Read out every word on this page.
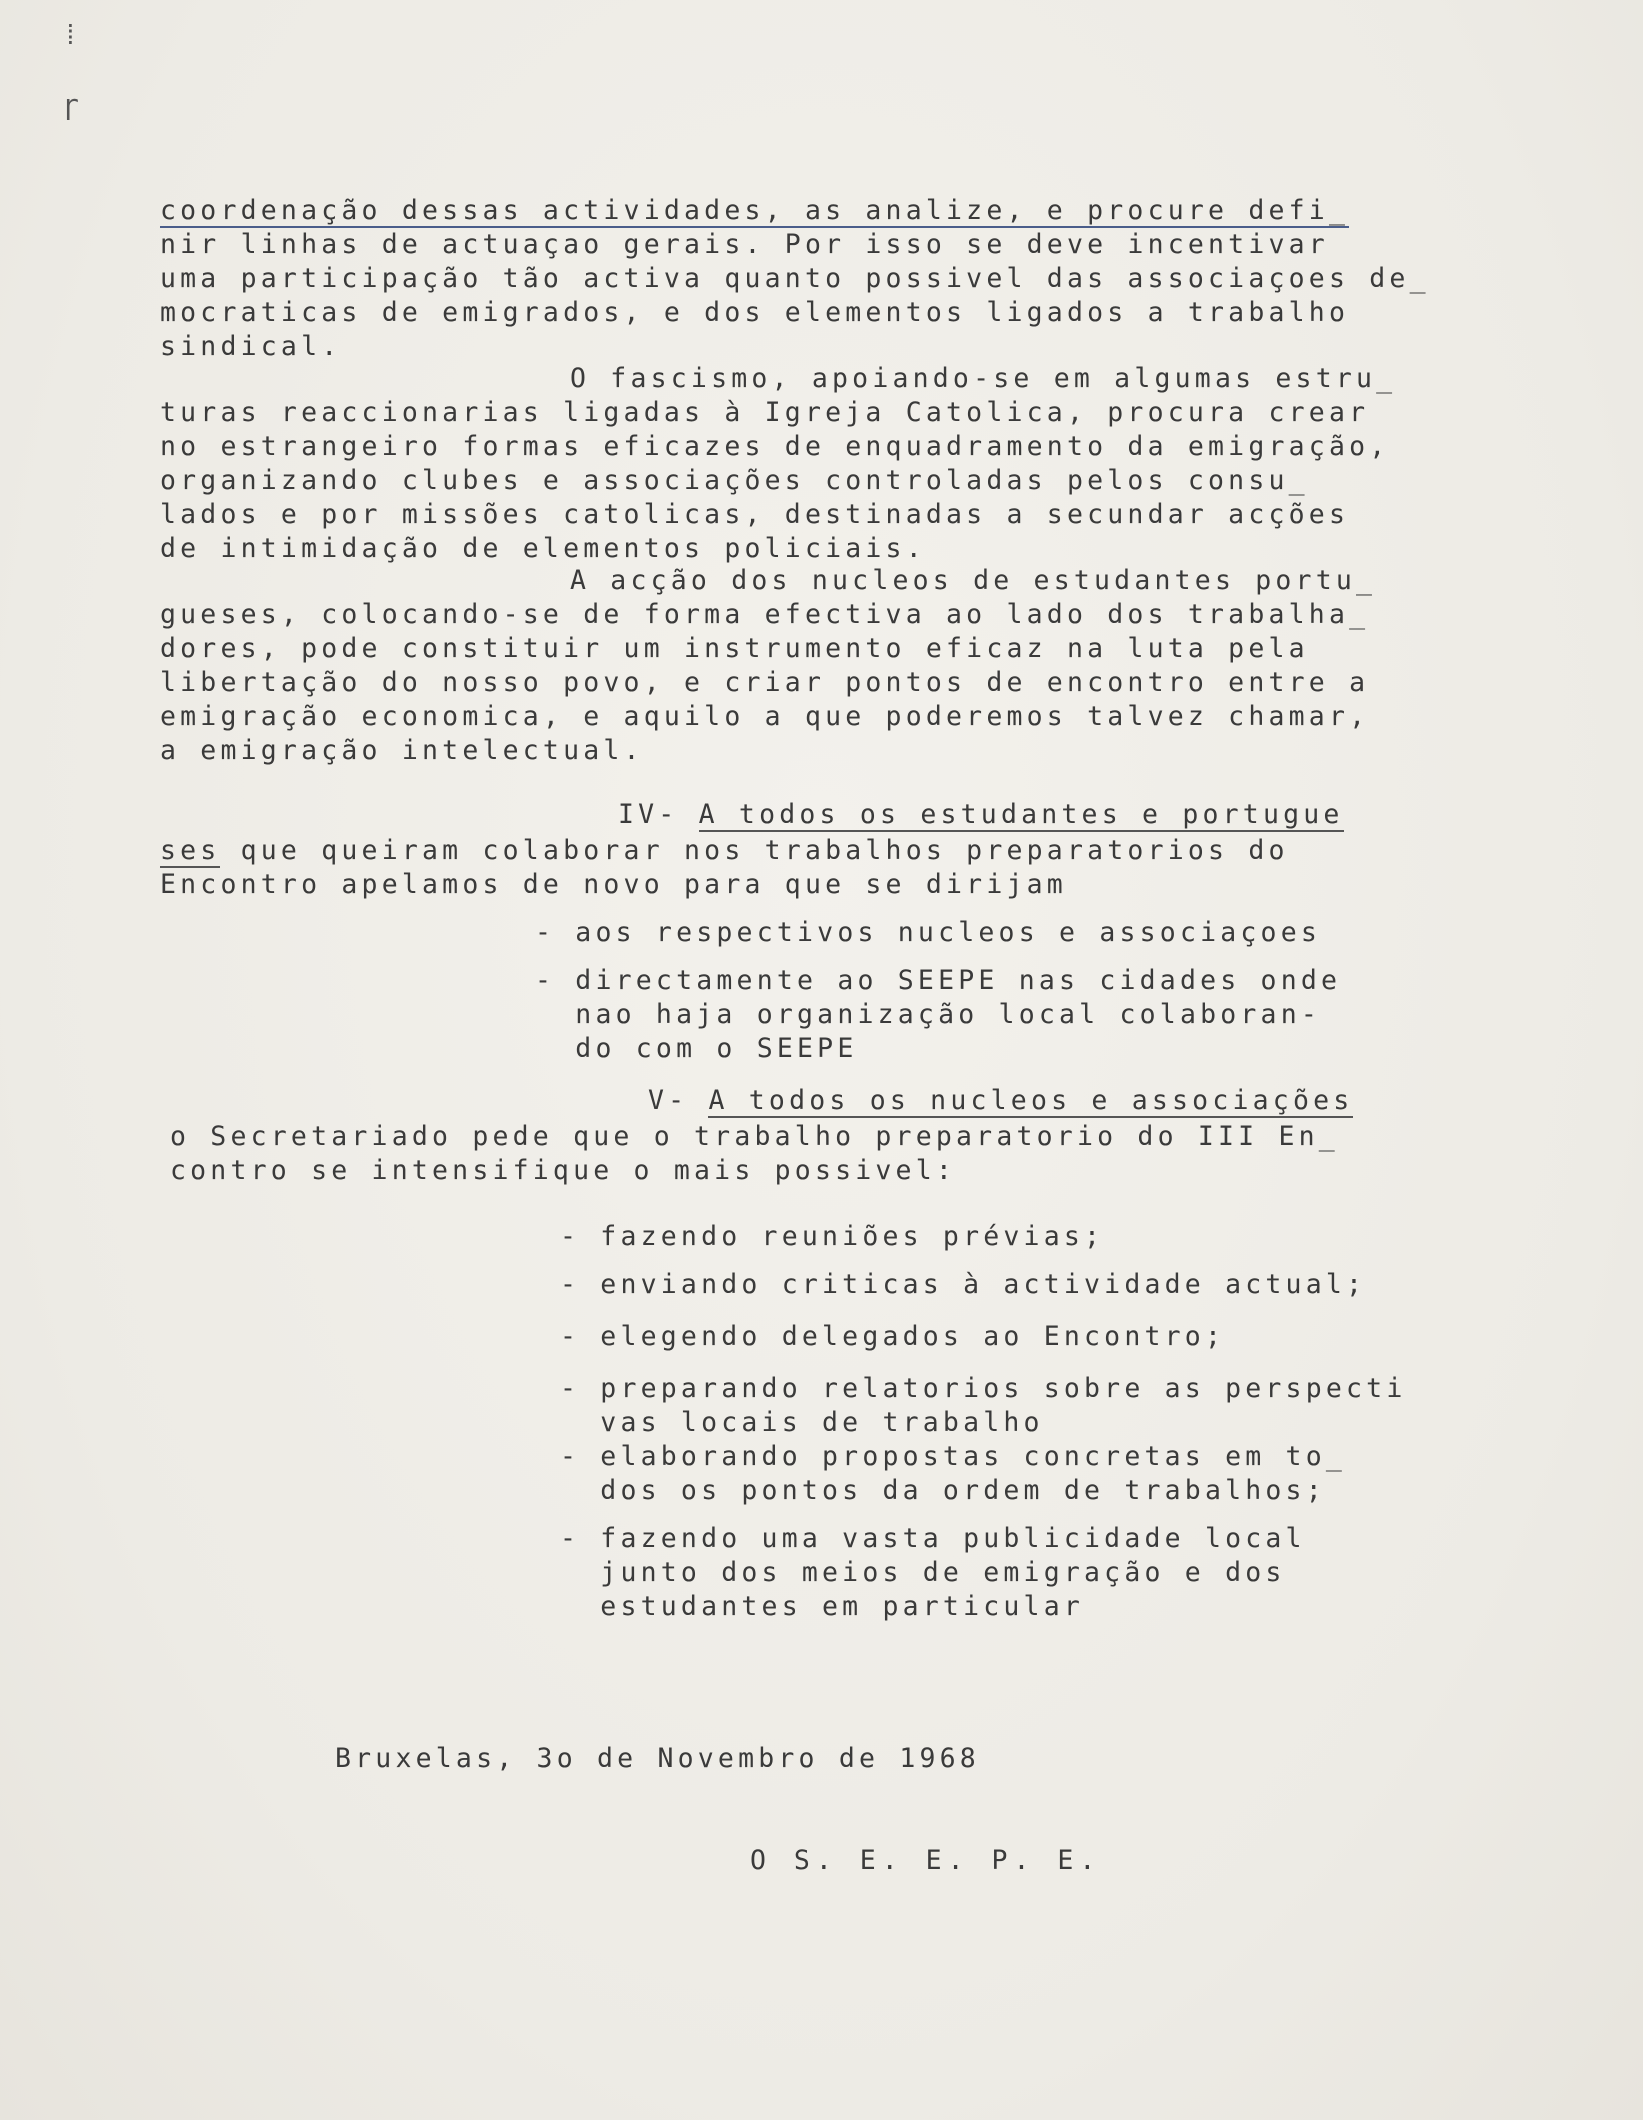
⁞
ɼ
coordenação dessas actividades, as analize, e procure defi_
nir linhas de actuaçao gerais. Por isso se deve incentivar
uma participação tão activa quanto possivel das associaçoes de_
mocraticas de emigrados, e dos elementos ligados a trabalho
sindical.
O fascismo, apoiando-se em algumas estru_
turas reaccionarias ligadas à Igreja Catolica, procura crear
no estrangeiro formas eficazes de enquadramento da emigração,
organizando clubes e associações controladas pelos consu_
lados e por missões catolicas, destinadas a secundar acções
de intimidação de elementos policiais.
A acção dos nucleos de estudantes portu_
gueses, colocando-se de forma efectiva ao lado dos trabalha_
dores, pode constituir um instrumento eficaz na luta pela
libertação do nosso povo, e criar pontos de encontro entre a
emigração economica, e aquilo a que poderemos talvez chamar,
a emigração intelectual.
IV- A todos os estudantes e portugue
ses que queiram colaborar nos trabalhos preparatorios do
Encontro apelamos de novo para que se dirijam
- aos respectivos nucleos e associaçoes
- directamente ao SEEPE nas cidades onde
nao haja organização local colaboran-
do com o SEEPE
V- A todos os nucleos e associações
o Secretariado pede que o trabalho preparatorio do III En_
contro se intensifique o mais possivel:
- fazendo reuniões prévias;
- enviando criticas à actividade actual;
- elegendo delegados ao Encontro;
- preparando relatorios sobre as perspecti
vas locais de trabalho
- elaborando propostas concretas em to_
dos os pontos da ordem de trabalhos;
- fazendo uma vasta publicidade local
junto dos meios de emigração e dos
estudantes em particular
Bruxelas, 3o de Novembro de 1968
O S. E. E. P. E.
